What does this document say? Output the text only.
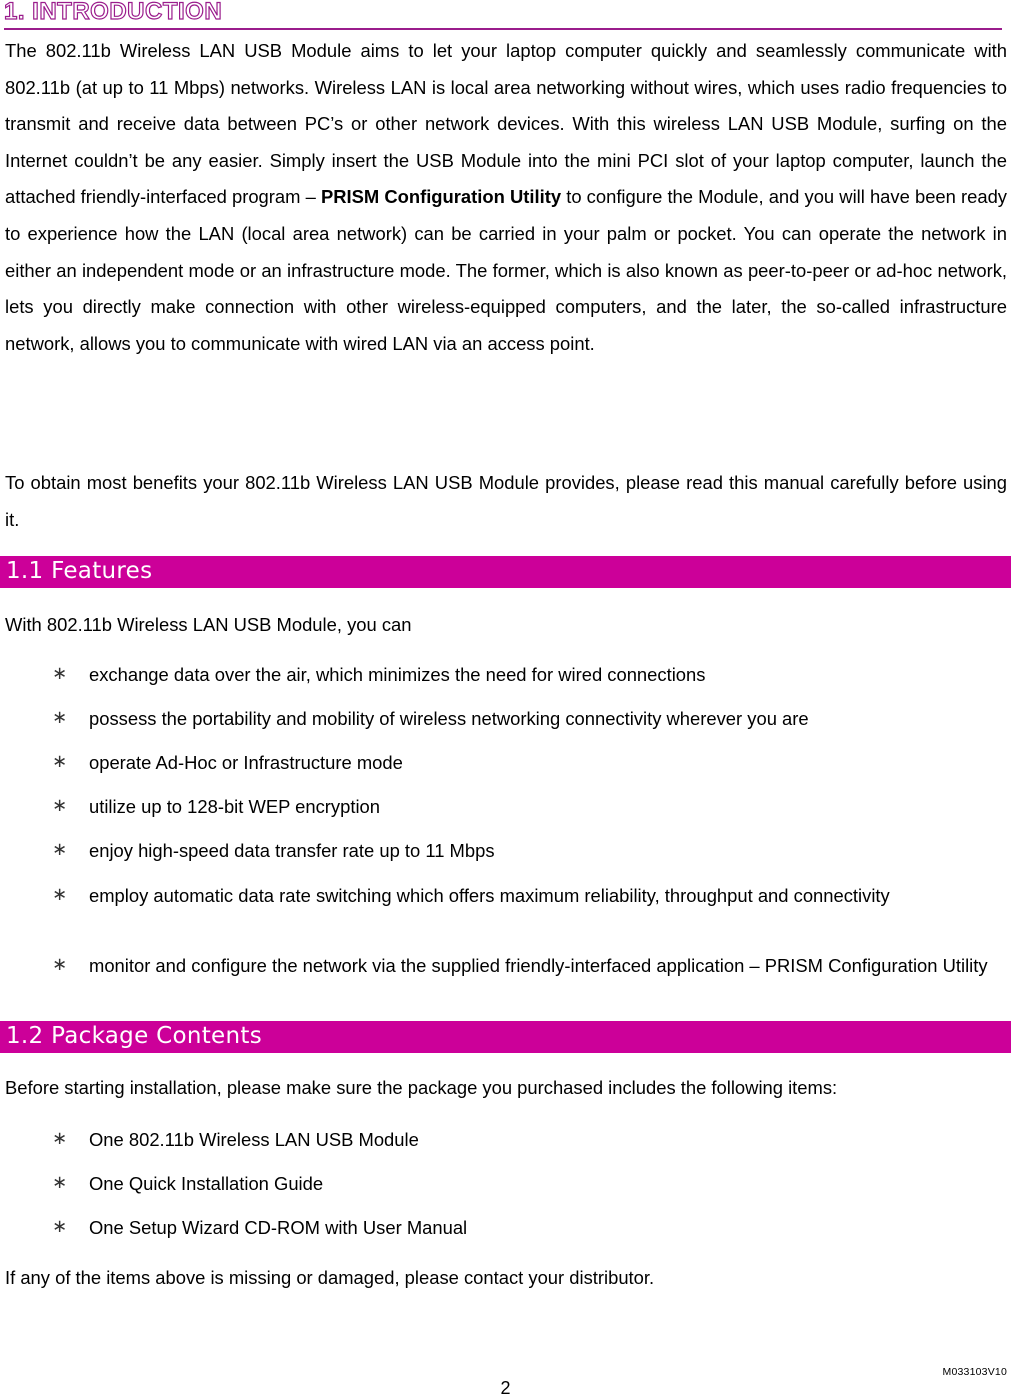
1. INTRODUCTION

The 802.11b Wireless LAN USB Module aims to let your laptop computer quickly and seamlessly communicate with 802.11b (at up to 11 Mbps) networks. Wireless LAN is local area networking without wires, which uses radio frequencies to transmit and receive data between PC’s or other network devices. With this wireless LAN USB Module, surfing on the Internet couldn’t be any easier. Simply insert the USB Module into the mini PCI slot of your laptop computer, launch the attached friendly-interfaced program – PRISM Configuration Utility to configure the Module, and you will have been ready to experience how the LAN (local area network) can be carried in your palm or pocket. You can operate the network in either an independent mode or an infrastructure mode. The former, which is also known as peer-to-peer or ad-hoc network, lets you directly make connection with other wireless-equipped computers, and the later, the so-called infrastructure network, allows you to communicate with wired LAN via an access point.

To obtain most benefits your 802.11b Wireless LAN USB Module provides, please read this manual carefully before using it.

1.1 Features

With 802.11b Wireless LAN USB Module, you can

∗ exchange data over the air, which minimizes the need for wired connections
∗ possess the portability and mobility of wireless networking connectivity wherever you are
∗ operate Ad-Hoc or Infrastructure mode
∗ utilize up to 128-bit WEP encryption
∗ enjoy high-speed data transfer rate up to 11 Mbps
∗ employ automatic data rate switching which offers maximum reliability, throughput and connectivity
∗ monitor and configure the network via the supplied friendly-interfaced application – PRISM Configuration Utility
1.2 Package Contents

Before starting installation, please make sure the package you purchased includes the following items:

∗ One 802.11b Wireless LAN USB Module
∗ One Quick Installation Guide
∗ One Setup Wizard CD-ROM with User Manual

If any of the items above is missing or damaged, please contact your distributor.

M033103V10
2
